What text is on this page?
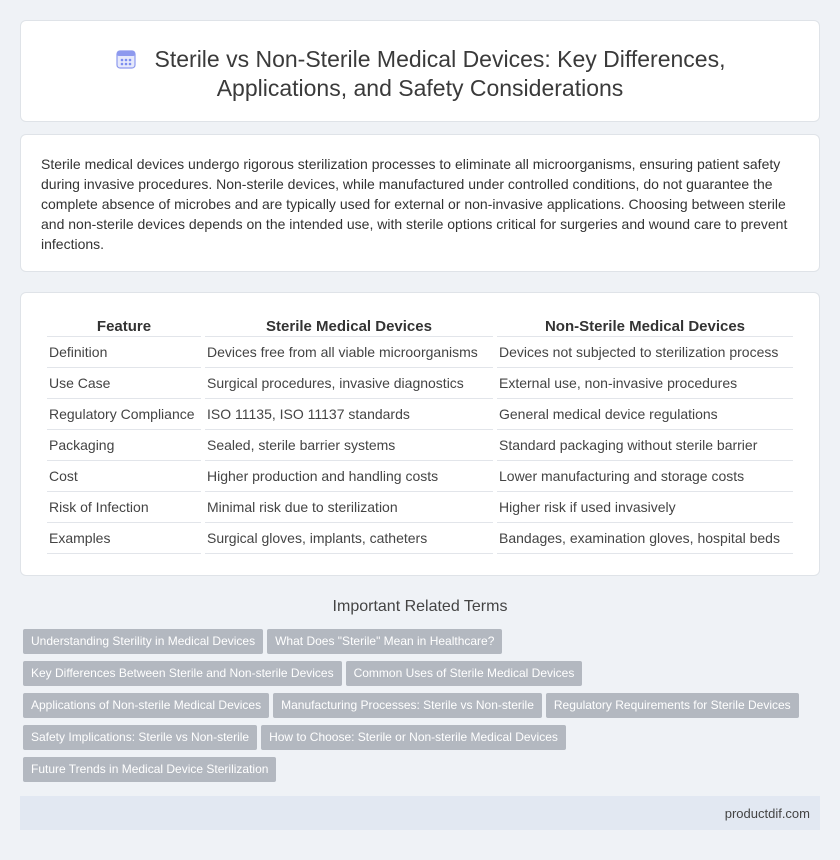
Sterile vs Non-Sterile Medical Devices: Key Differences,
Applications, and Safety Considerations

Sterile medical devices undergo rigorous sterilization processes to eliminate all microorganisms, ensuring patient safety during invasive procedures. Non-sterile devices, while manufactured under controlled conditions, do not guarantee the complete absence of microbes and are typically used for external or non-invasive applications. Choosing between sterile and non-sterile devices depends on the intended use, with sterile options critical for surgeries and wound care to prevent infections.

Feature	Sterile Medical Devices	Non-Sterile Medical Devices
Definition	Devices free from all viable microorganisms	Devices not subjected to sterilization process
Use Case	Surgical procedures, invasive diagnostics	External use, non-invasive procedures
Regulatory Compliance	ISO 11135, ISO 11137 standards	General medical device regulations
Packaging	Sealed, sterile barrier systems	Standard packaging without sterile barrier
Cost	Higher production and handling costs	Lower manufacturing and storage costs
Risk of Infection	Minimal risk due to sterilization	Higher risk if used invasively
Examples	Surgical gloves, implants, catheters	Bandages, examination gloves, hospital beds
Important Related Terms
Understanding Sterility in Medical Devices What Does "Sterile" Mean in Healthcare?
Key Differences Between Sterile and Non-sterile Devices Common Uses of Sterile Medical Devices
Applications of Non-sterile Medical Devices Manufacturing Processes: Sterile vs Non-sterile Regulatory Requirements for Sterile Devices
Safety Implications: Sterile vs Non-sterile How to Choose: Sterile or Non-sterile Medical Devices
Future Trends in Medical Device Sterilization
productdif.com
